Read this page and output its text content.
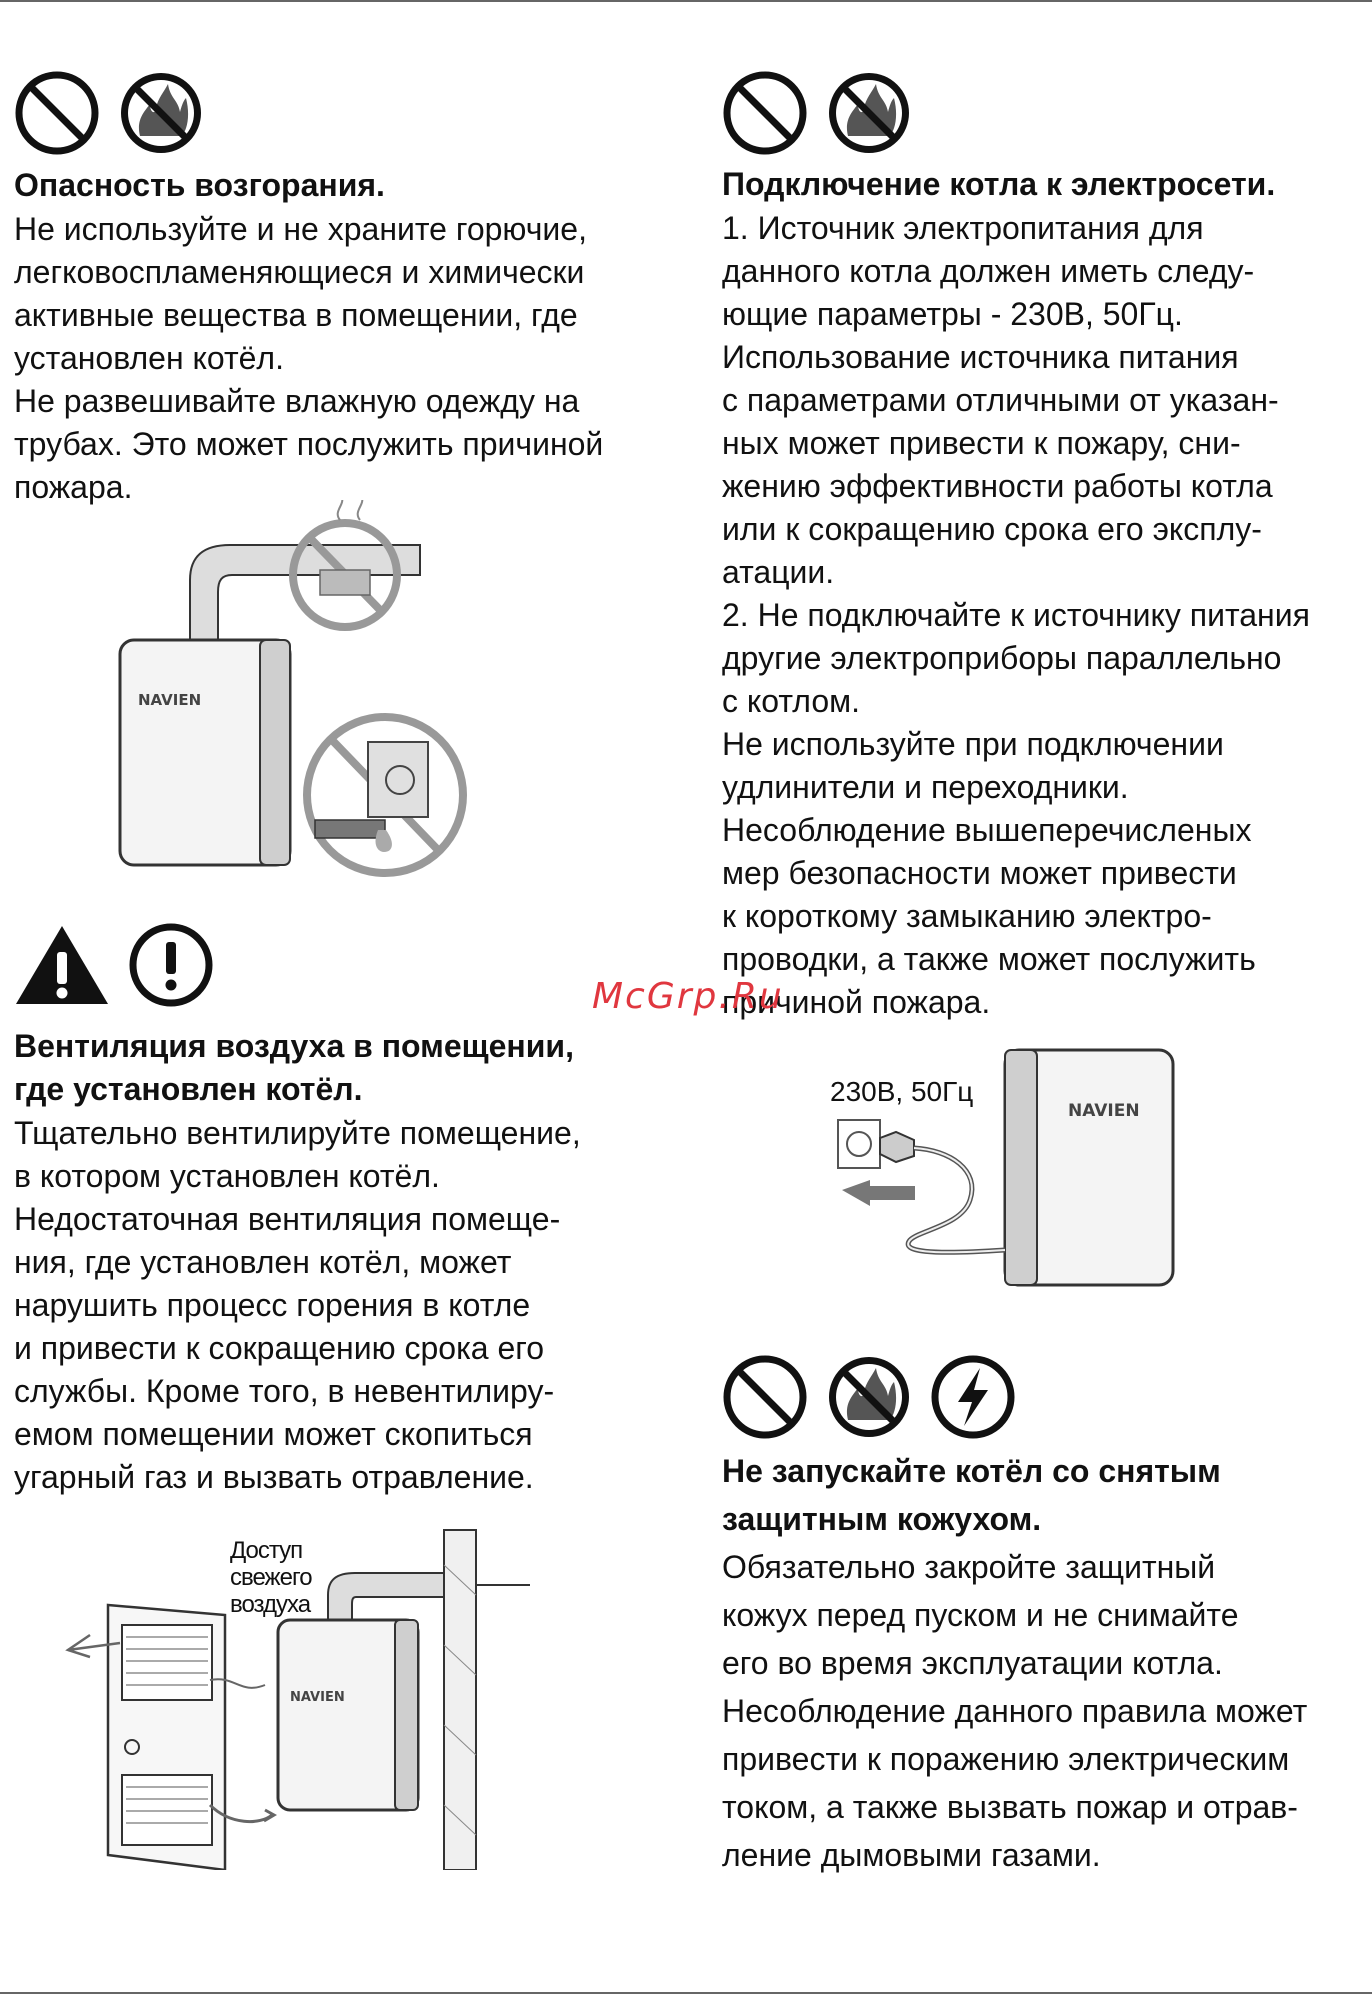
Опасность возгорания.

Не используйте и не храните горючие,
легковоспламеняющиеся и химически
активные вещества в помещении, где
установлен котёл.
Не развешивайте влажную одежду на
трубах. Это может послужить причиной
пожара.

NAVIEN
Вентиляция воздуха в помещении,
где установлен котёл.

Тщательно вентилируйте помещение,
в котором установлен котёл.
Недостаточная вентиляция помеще-
ния, где установлен котёл, может
нарушить процесс горения в котле
и привести к сокращению срока его
службы. Кроме того, в невентилиру-
емом помещении может скопиться
угарный газ и вызвать отравление.

Доступ
свежего
воздуха
NAVIEN
Подключение котла к электросети.

1. Источник электропитания для
данного котла должен иметь следу-
ющие параметры - 230В, 50Гц.
Использование источника питания
с параметрами отличными от указан-
ных может привести к пожару, сни-
жению эффективности работы котла
или к сокращению срока его эксплу-
атации.
2. Не подключайте к источнику питания
другие электроприборы параллельно
с котлом.
Не используйте при подключении
удлинители и переходники.
Несоблюдение вышеперечисленых
мер безопасности может привести
к короткому замыканию электро-
проводки, а также может послужить
причиной пожара.

230В, 50Гц
NAVIEN
Не запускайте котёл со снятым
защитным кожухом.

Обязательно закройте защитный
кожух перед пуском и не снимайте
его во время эксплуатации котла.
Несоблюдение данного правила может
привести к поражению электрическим
током, а также вызвать пожар и отрав-
ление дымовыми газами.

McGrp.Ru
